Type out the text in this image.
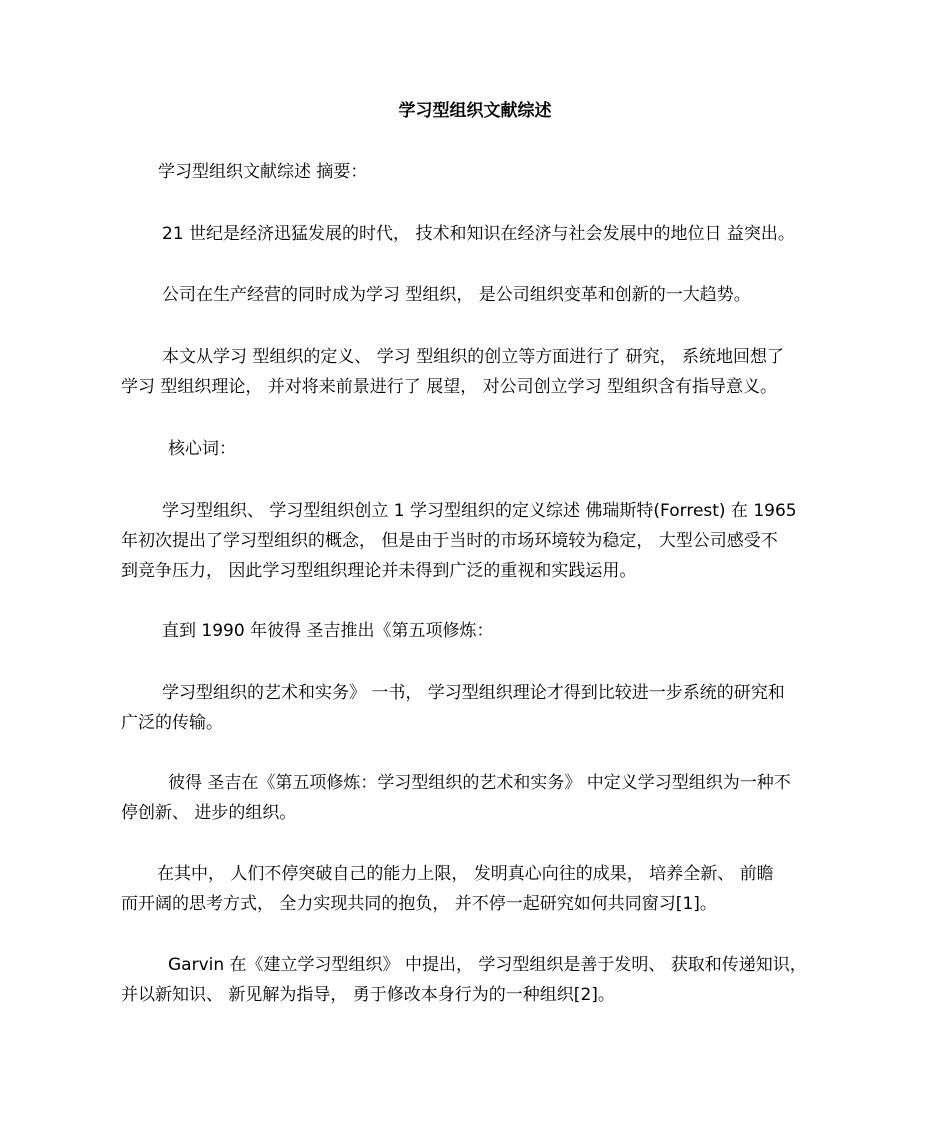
学习型组织文献综述

学习型组织文献综述 摘要：

21 世纪是经济迅猛发展的时代， 技术和知识在经济与社会发展中的地位日 益突出。

公司在生产经营的同时成为学习 型组织， 是公司组织变革和创新的一大趋势。

本文从学习 型组织的定义、 学习 型组织的创立等方面进行了 研究， 系统地回想了
学习 型组织理论， 并对将来前景进行了 展望， 对公司创立学习 型组织含有指导意义。

核心词：

学习型组织、 学习型组织创立 1 学习型组织的定义综述 佛瑞斯特(Forrest) 在 1965
年初次提出了学习型组织的概念， 但是由于当时的市场环境较为稳定， 大型公司感受不
到竞争压力， 因此学习型组织理论并未得到广泛的重视和实践运用。

直到 1990 年彼得 圣吉推出《第五项修炼：

学习型组织的艺术和实务》 一书， 学习型组织理论才得到比较进一步系统的研究和
广泛的传输。

彼得 圣吉在《第五项修炼：学习型组织的艺术和实务》 中定义学习型组织为一种不
停创新、 进步的组织。

在其中， 人们不停突破自己的能力上限， 发明真心向往的成果， 培养全新、 前瞻
而开阔的思考方式， 全力实现共同的抱负， 并不停一起研究如何共同窗习[1]。

Garvin 在《建立学习型组织》 中提出， 学习型组织是善于发明、 获取和传递知识，
并以新知识、 新见解为指导， 勇于修改本身行为的一种组织[2]。
